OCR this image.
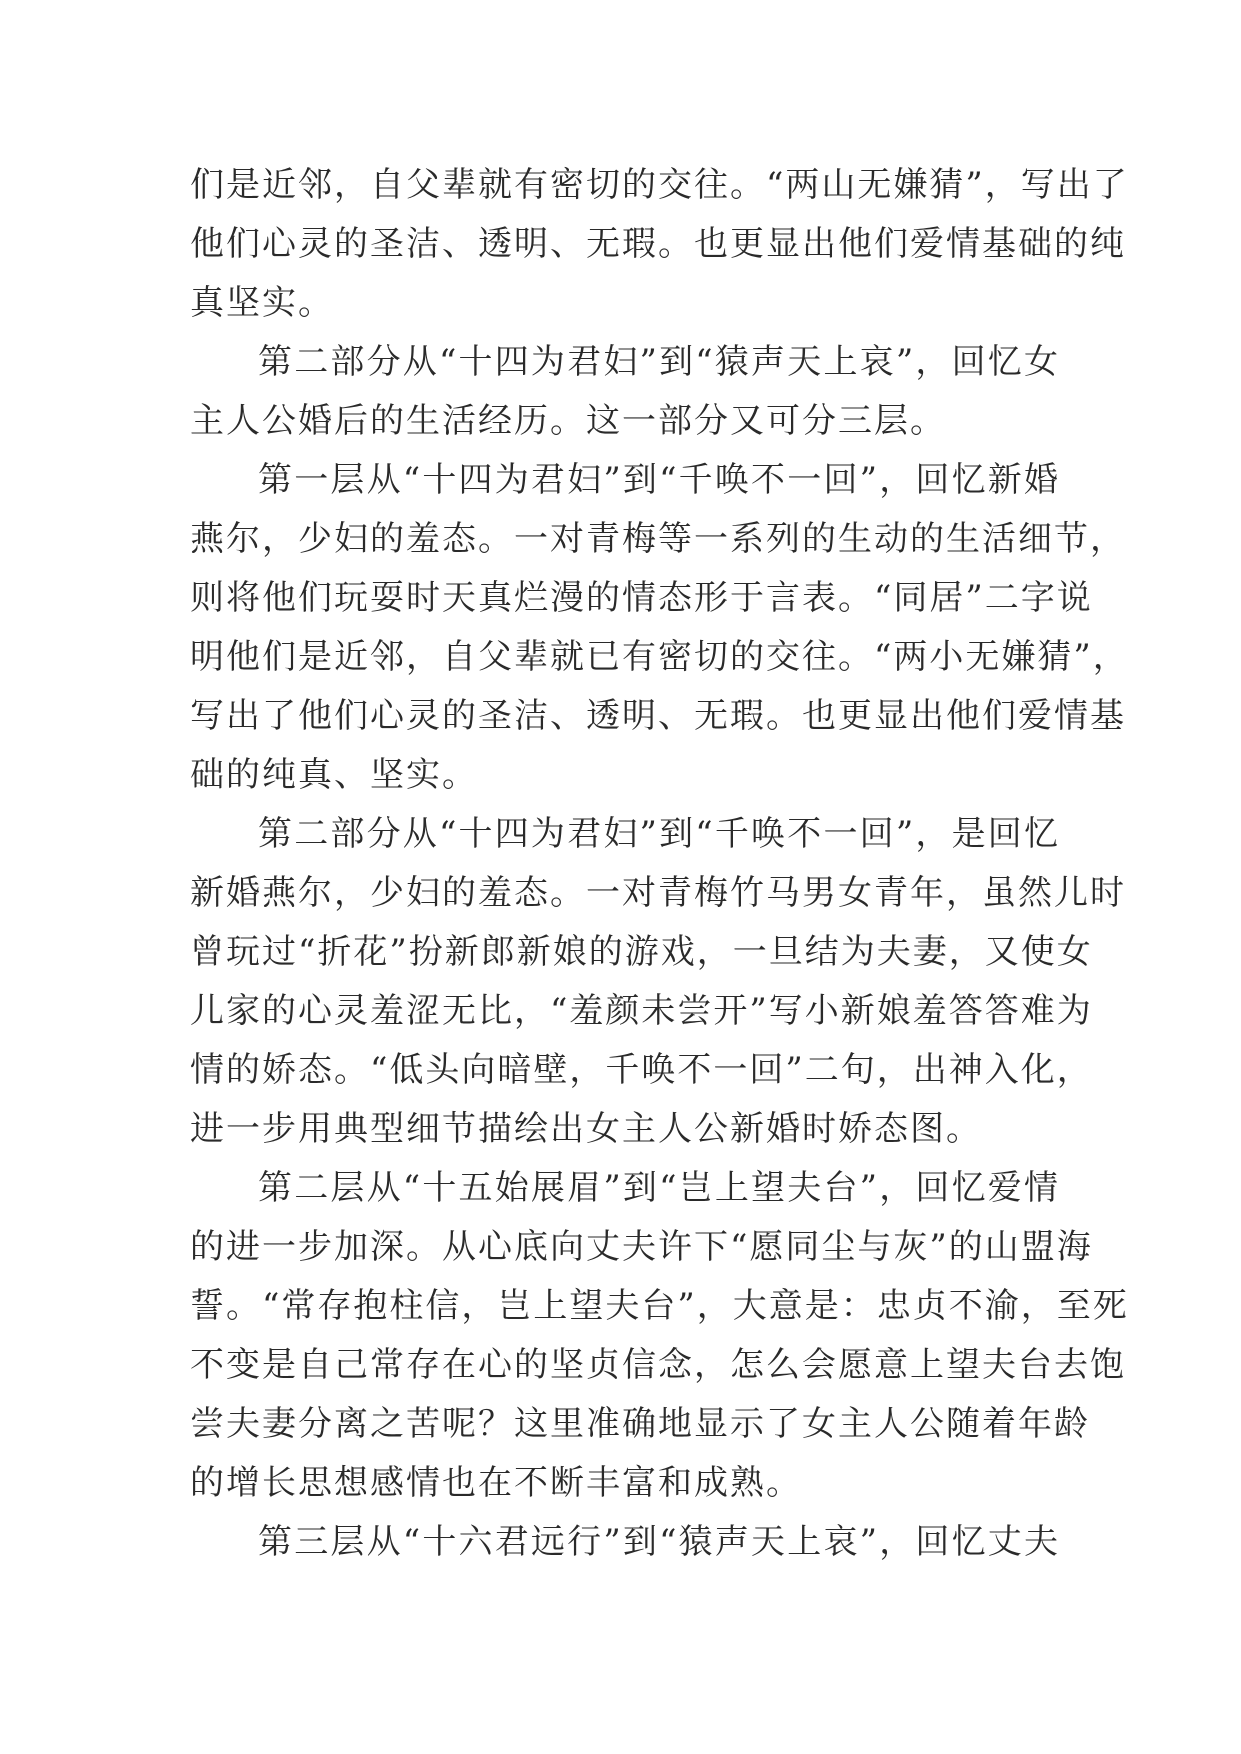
们是近邻，自父辈就有密切的交往。“两山无嫌猜”，写出了
他们心灵的圣洁、透明、无瑕。也更显出他们爱情基础的纯
真坚实。
第二部分从“十四为君妇”到“猿声天上哀”，回忆女
主人公婚后的生活经历。这一部分又可分三层。
第一层从“十四为君妇”到“千唤不一回”，回忆新婚
燕尔，少妇的羞态。一对青梅等一系列的生动的生活细节，
则将他们玩耍时天真烂漫的情态形于言表。“同居”二字说
明他们是近邻，自父辈就已有密切的交往。“两小无嫌猜”，
写出了他们心灵的圣洁、透明、无瑕。也更显出他们爱情基
础的纯真、坚实。
第二部分从“十四为君妇”到“千唤不一回”，是回忆
新婚燕尔，少妇的羞态。一对青梅竹马男女青年，虽然儿时
曾玩过“折花”扮新郎新娘的游戏，一旦结为夫妻，又使女
儿家的心灵羞涩无比，“羞颜未尝开”写小新娘羞答答难为
情的娇态。“低头向暗壁，千唤不一回”二句，出神入化，
进一步用典型细节描绘出女主人公新婚时娇态图。
第二层从“十五始展眉”到“岂上望夫台”，回忆爱情
的进一步加深。从心底向丈夫许下“愿同尘与灰”的山盟海
誓。“常存抱柱信，岂上望夫台”，大意是：忠贞不渝，至死
不变是自己常存在心的坚贞信念，怎么会愿意上望夫台去饱
尝夫妻分离之苦呢？这里准确地显示了女主人公随着年龄
的增长思想感情也在不断丰富和成熟。
第三层从“十六君远行”到“猿声天上哀”，回忆丈夫
